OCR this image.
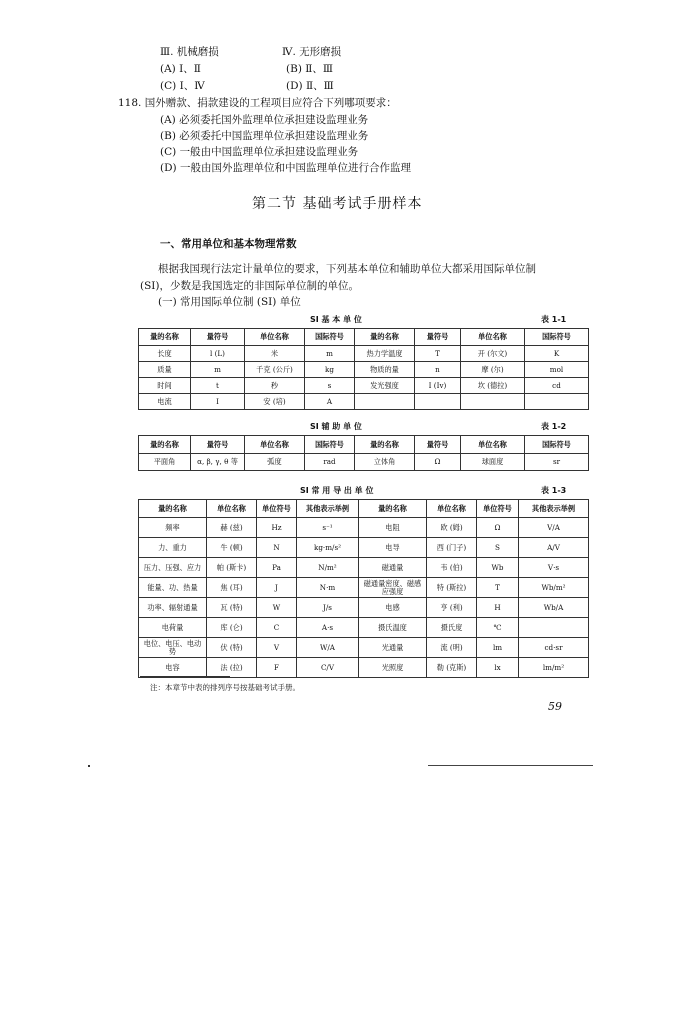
Ⅲ. 机械磨损	Ⅳ. 无形磨损
(A) Ⅰ、Ⅱ	(B) Ⅱ、Ⅲ
(C) Ⅰ、Ⅳ	(D) Ⅱ、Ⅲ
118. 国外赠款、捐款建设的工程项目应符合下列哪项要求：
(A) 必须委托国外监理单位承担建设监理业务
(B) 必须委托中国监理单位承担建设监理业务
(C) 一般由中国监理单位承担建设监理业务
(D) 一般由国外监理单位和中国监理单位进行合作监理
第二节 基础考试手册样本
一、常用单位和基本物理常数
根据我国现行法定计量单位的要求，下列基本单位和辅助单位大都采用国际单位制
(SI)，少数是我国选定的非国际单位制的单位。
(一) 常用国际单位制 (SI) 单位
SI 基 本 单 位	表 1-1
量的名称	量符号	单位名称	国际符号	量的名称	量符号	单位名称	国际符号
长度	l (L)	米	m	热力学温度	T	开 (尔文)	K
质量	m	千克 (公斤)	kg	物质的量	n	摩 (尔)	mol
时间	t	秒	s	发光强度	I (Iv)	坎 (德拉)	cd
电流	I	安 (培)	A				
SI 辅 助 单 位	表 1-2
量的名称	量符号	单位名称	国际符号	量的名称	量符号	单位名称	国际符号
平面角	α, β, γ, θ 等	弧度	rad	立体角	Ω	球面度	sr
SI 常 用 导 出 单 位	表 1-3
量的名称	单位名称	单位符号	其他表示举例	量的名称	单位名称	单位符号	其他表示举例
频率	赫 (兹)	Hz	s⁻¹	电阻	欧 (姆)	Ω	V/A
力、重力	牛 (顿)	N	kg·m/s²	电导	西 (门子)	S	A/V
压力、压强、应力	帕 (斯卡)	Pa	N/m²	磁通量	韦 (伯)	Wb	V·s
能量、功、热量	焦 (耳)	J	N·m	磁通量密度、磁感应强度	特 (斯拉)	T	Wb/m²
功率、辐射通量	瓦 (特)	W	J/s	电感	亨 (利)	H	Wb/A
电荷量	库 (仑)	C	A·s	摄氏温度	摄氏度	℃	
电位、电压、电动势	伏 (特)	V	W/A	光通量	流 (明)	lm	cd·sr
电容	法 (拉)	F	C/V	光照度	勒 (克斯)	lx	lm/m²
注：本章节中表的排列序号按基础考试手册。
59
